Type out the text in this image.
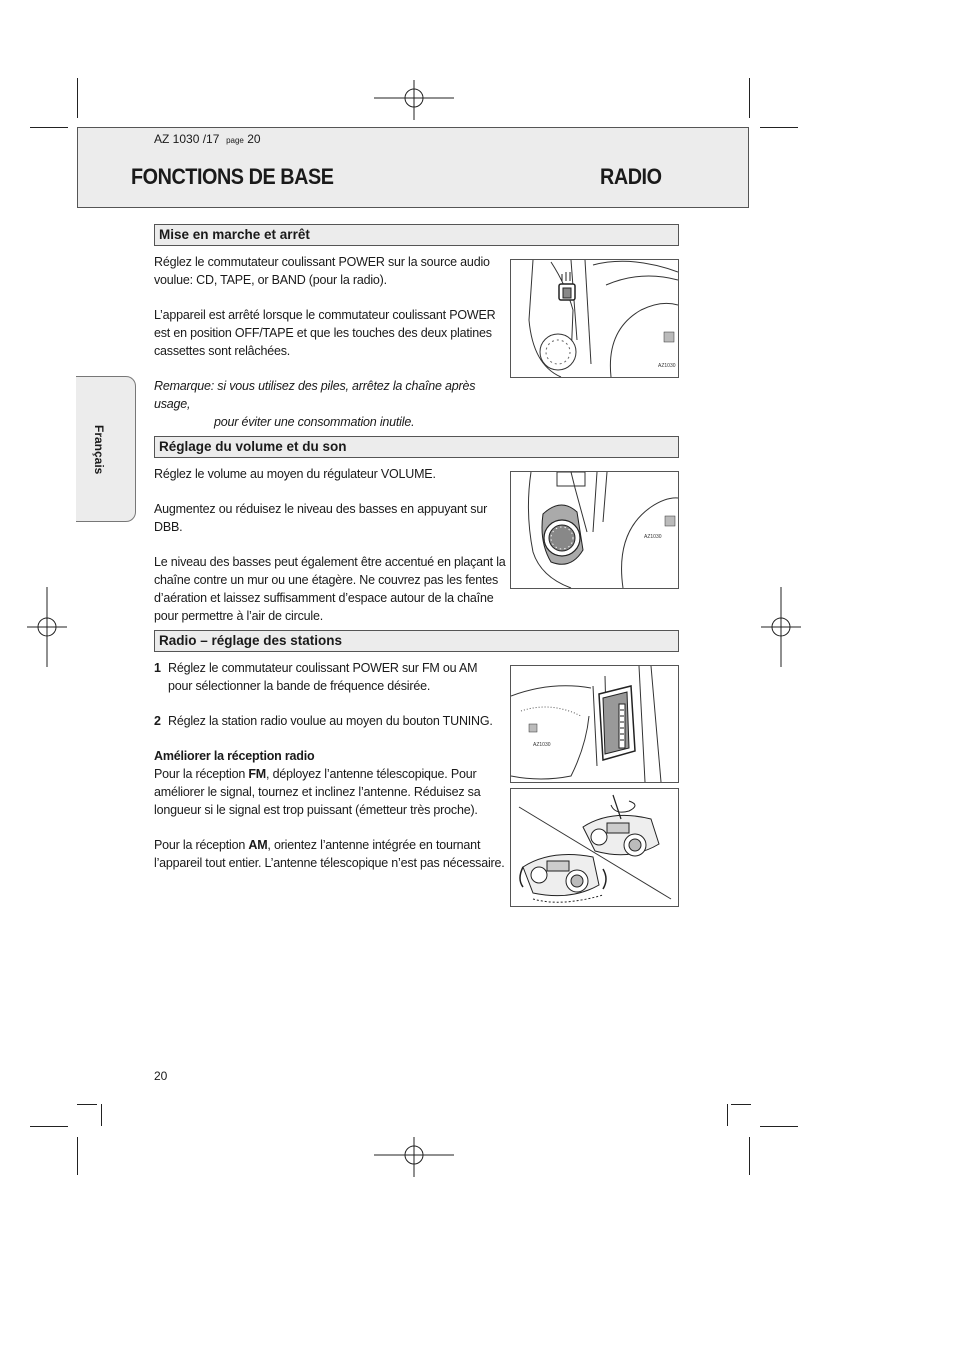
AZ 1030 /17 page 20
FONCTIONS DE BASE	RADIO
Français
Mise en marche et arrêt

Réglez le commutateur coulissant POWER sur la source audio voulue: CD, TAPE, or BAND (pour la radio).

L’appareil est arrêté lorsque le commutateur coulissant POWER est en position OFF/TAPE et que les touches des deux platines cassettes sont relâchées.

Remarque: si vous utilisez des piles, arrêtez la chaîne après usage,

pour éviter une consommation inutile.

AZ1030
Réglage du volume et du son

Réglez le volume au moyen du régulateur VOLUME.

Augmentez ou réduisez le niveau des basses en appuyant sur DBB.

Le niveau des basses peut également être accentué en plaçant la chaîne contre un mur ou une étagère. Ne couvrez pas les fentes d’aération et laissez suffisamment d’espace autour de la chaîne pour permettre à l’air de circule.

AZ1030
Radio – réglage des stations
1 Réglez le commutateur coulissant POWER sur FM ou AM pour sélectionner la bande de fréquence désirée.
2 Réglez la station radio voulue au moyen du bouton TUNING.

Améliorer la réception radio

Pour la réception FM, déployez l’antenne télescopique. Pour améliorer le signal, tournez et inclinez l’antenne. Réduisez sa longueur si le signal est trop puissant (émetteur très proche).

Pour la réception AM, orientez l’antenne intégrée en tournant l’appareil tout entier. L’antenne télescopique n’est pas nécessaire.

AZ1030
20
